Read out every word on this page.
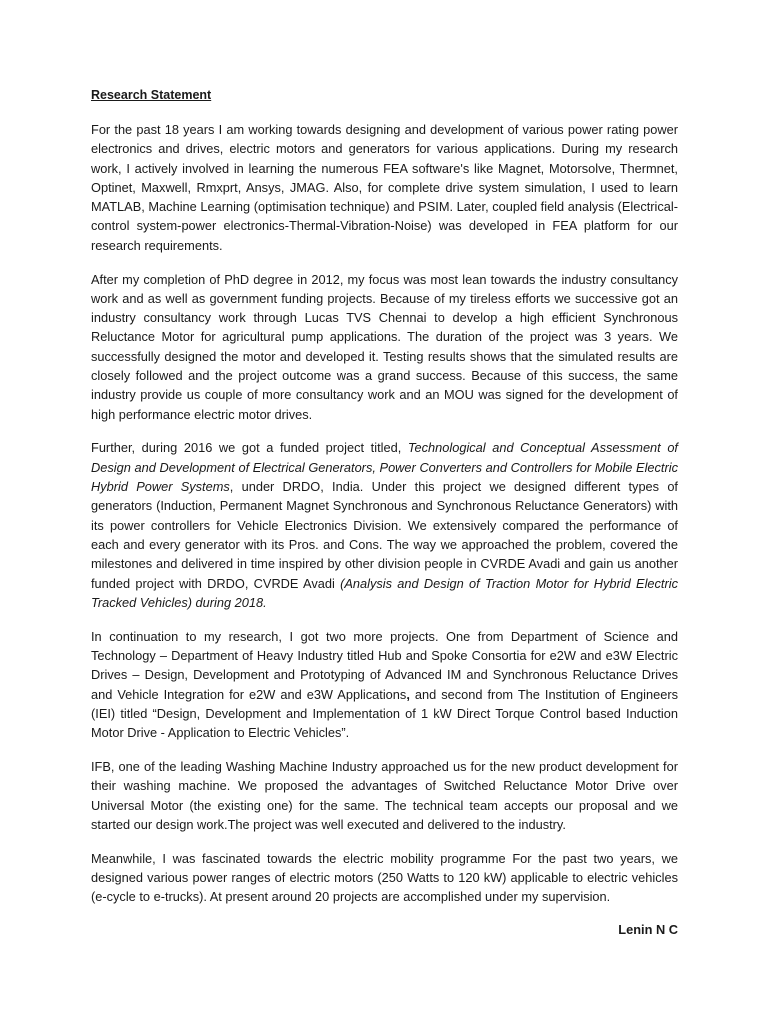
Research Statement

For the past 18 years I am working towards designing and development of various power rating power electronics and drives, electric motors and generators for various applications. During my research work, I actively involved in learning the numerous FEA software's like Magnet, Motorsolve, Thermnet, Optinet, Maxwell, Rmxprt, Ansys, JMAG. Also, for complete drive system simulation, I used to learn MATLAB, Machine Learning (optimisation technique) and PSIM. Later, coupled field analysis (Electrical-control system-power electronics-Thermal-Vibration-Noise) was developed in FEA platform for our research requirements.

After my completion of PhD degree in 2012, my focus was most lean towards the industry consultancy work and as well as government funding projects. Because of my tireless efforts we successive got an industry consultancy work through Lucas TVS Chennai to develop a high efficient Synchronous Reluctance Motor for agricultural pump applications. The duration of the project was 3 years. We successfully designed the motor and developed it. Testing results shows that the simulated results are closely followed and the project outcome was a grand success. Because of this success, the same industry provide us couple of more consultancy work and an MOU was signed for the development of high performance electric motor drives.

Further, during 2016 we got a funded project titled, Technological and Conceptual Assessment of Design and Development of Electrical Generators, Power Converters and Controllers for Mobile Electric Hybrid Power Systems, under DRDO, India. Under this project we designed different types of generators (Induction, Permanent Magnet Synchronous and Synchronous Reluctance Generators) with its power controllers for Vehicle Electronics Division. We extensively compared the performance of each and every generator with its Pros. and Cons. The way we approached the problem, covered the milestones and delivered in time inspired by other division people in CVRDE Avadi and gain us another funded project with DRDO, CVRDE Avadi (Analysis and Design of Traction Motor for Hybrid Electric Tracked Vehicles) during 2018.

In continuation to my research, I got two more projects. One from Department of Science and Technology – Department of Heavy Industry titled Hub and Spoke Consortia for e2W and e3W Electric Drives – Design, Development and Prototyping of Advanced IM and Synchronous Reluctance Drives and Vehicle Integration for e2W and e3W Applications, and second from The Institution of Engineers (IEI) titled “Design, Development and Implementation of 1 kW Direct Torque Control based Induction Motor Drive - Application to Electric Vehicles”.

IFB, one of the leading Washing Machine Industry approached us for the new product development for their washing machine. We proposed the advantages of Switched Reluctance Motor Drive over Universal Motor (the existing one) for the same. The technical team accepts our proposal and we started our design work.The project was well executed and delivered to the industry.

Meanwhile, I was fascinated towards the electric mobility programme For the past two years, we designed various power ranges of electric motors (250 Watts to 120 kW) applicable to electric vehicles (e-cycle to e-trucks). At present around 20 projects are accomplished under my supervision.

Lenin N C
